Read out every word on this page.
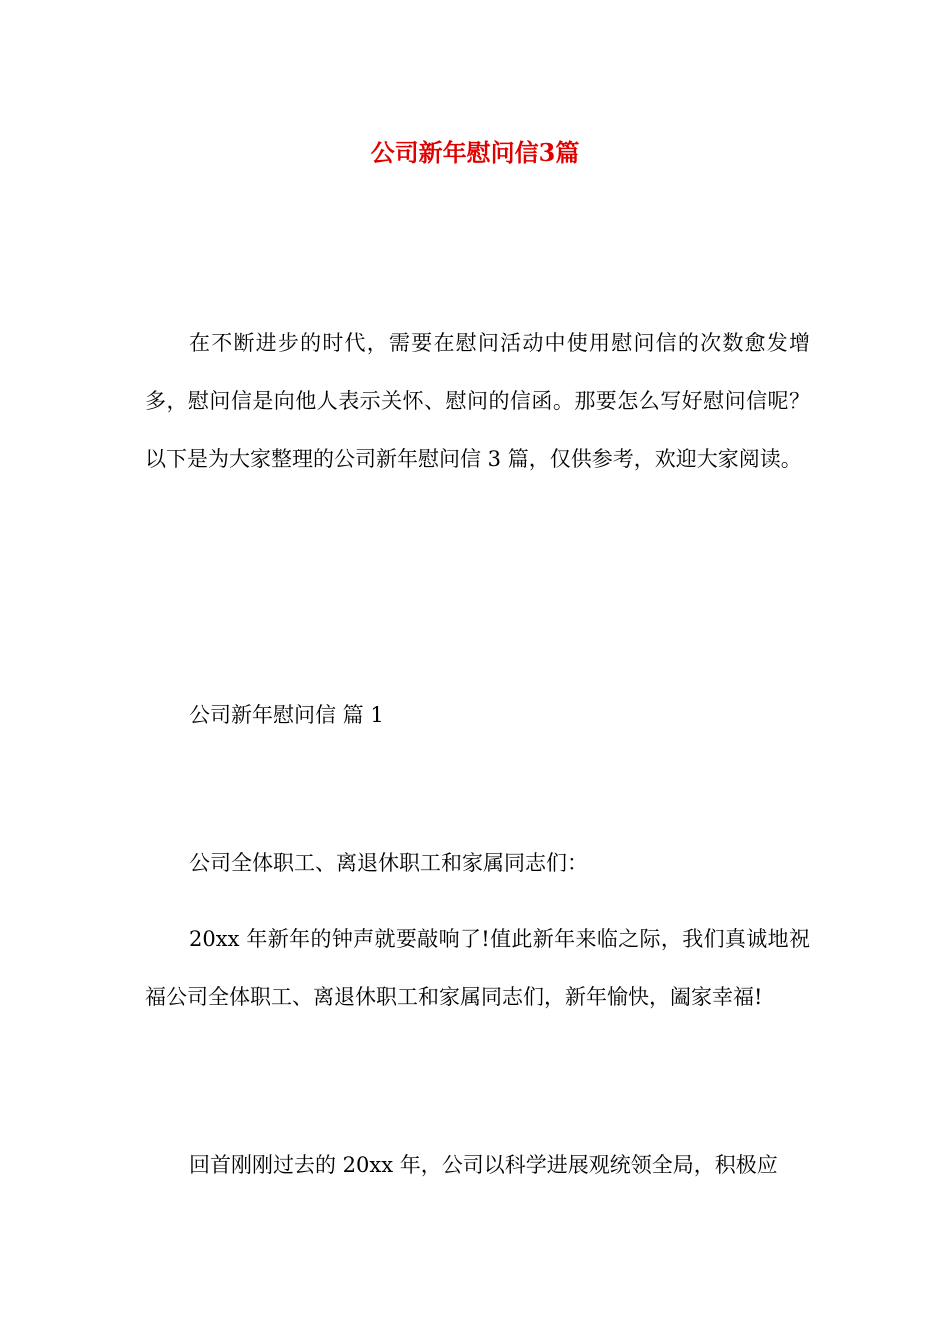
公司新年慰问信3篇

在不断进步的时代，需要在慰问活动中使用慰问信的次数愈发增多，慰问信是向他人表示关怀、慰问的信函。那要怎么写好慰问信呢？以下是为大家整理的公司新年慰问信 3 篇，仅供参考，欢迎大家阅读。

公司新年慰问信 篇 1

公司全体职工、离退休职工和家属同志们：

20xx 年新年的钟声就要敲响了!值此新年来临之际，我们真诚地祝福公司全体职工、离退休职工和家属同志们，新年愉快，阖家幸福!

回首刚刚过去的 20xx 年，公司以科学进展观统领全局，积极应
